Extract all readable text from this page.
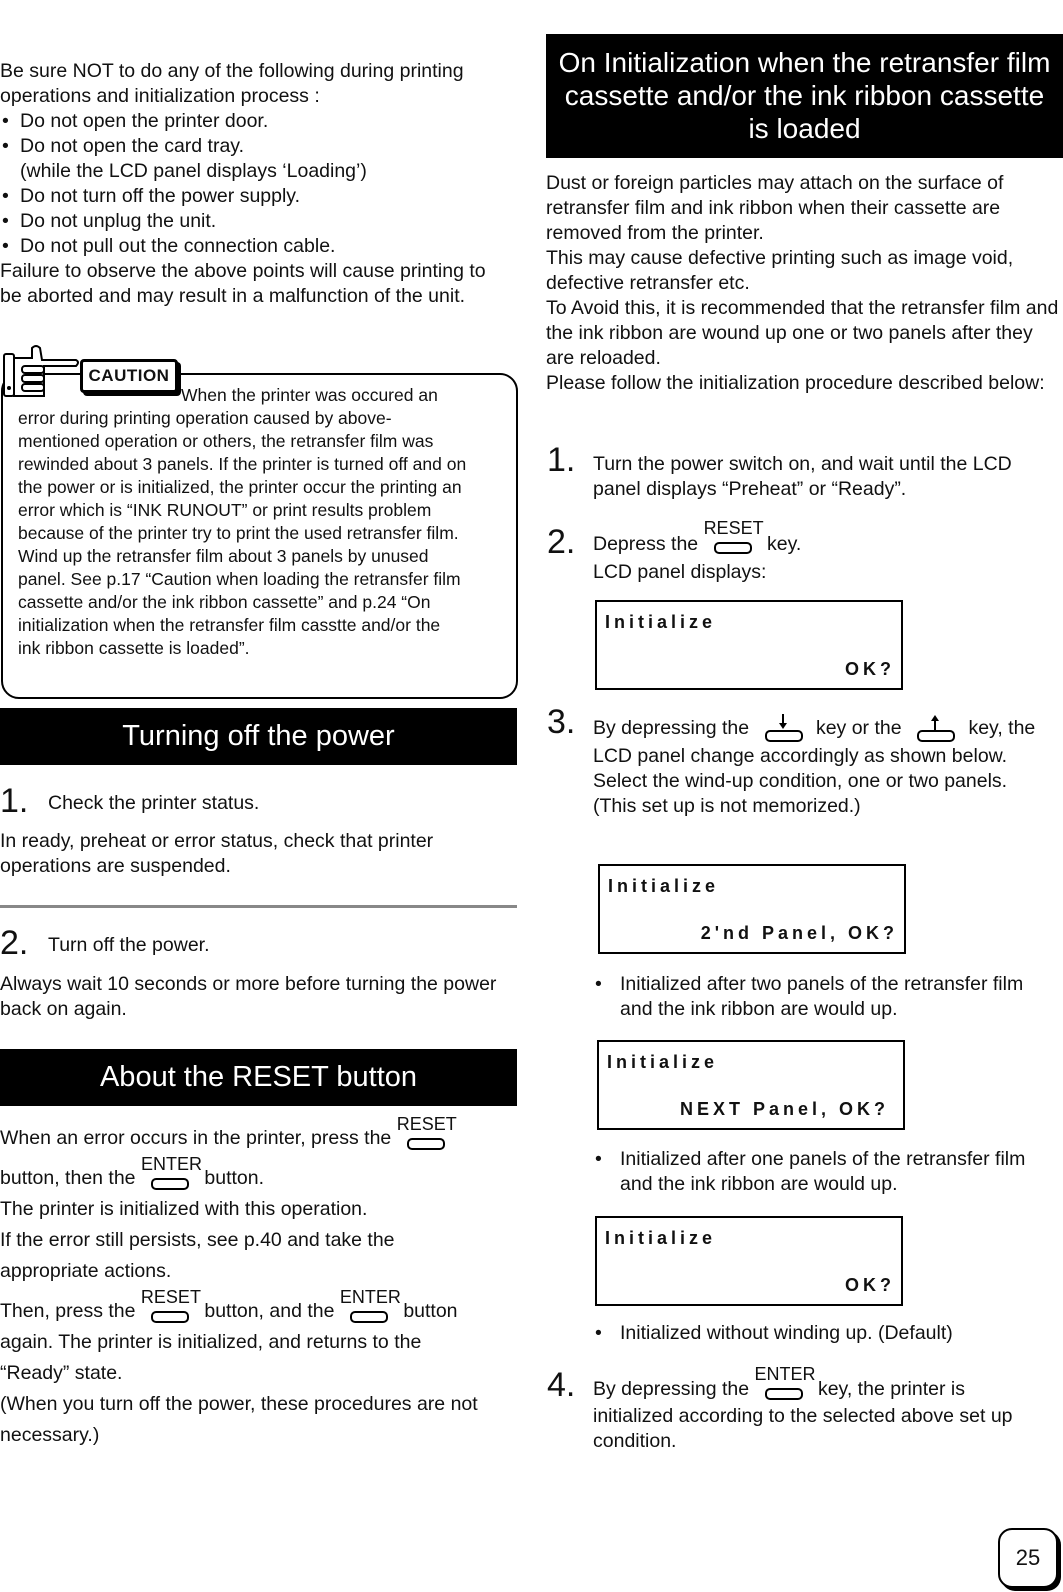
Be sure NOT to do any of the following during printing operations and initialization process :

• Do not open the printer door.
• Do not open the card tray.
(while the LCD panel displays ‘Loading’)
• Do not turn off the power supply.
• Do not unplug the unit.
• Do not pull out the connection cable.

Failure to observe the above points will cause printing to be aborted and may result in a malfunction of the unit.

CAUTION
When the printer was occured an
error during printing operation caused by above-
mentioned operation or others, the retransfer film was
rewinded about 3 panels. If the printer is turned off and on
the power or is initialized, the printer occur the printing an
error which is “INK RUNOUT” or print results problem
because of the printer try to print the used retransfer film.
Wind up the retransfer film about 3 panels by unused
panel. See p.17 “Caution when loading the retransfer film
cassette and/or the ink ribbon cassette” and p.24 “On
initialization when the retransfer film casstte and/or the
ink ribbon cassette is loaded”.
Turning off the power
1. Check the printer status.

In ready, preheat or error status, check that printer operations are suspended.

2. Turn off the power.

Always wait 10 seconds or more before turning the power back on again.

About the RESET button
When an error occurs in the printer, press the
RESET
button, then the
ENTER
button.
The printer is initialized with this operation.
If the error still persists, see p.40 and take the
appropriate actions.
Then, press the
RESET
button, and the
ENTER
button
again. The printer is initialized, and returns to the
“Ready” state.
(When you turn off the power, these procedures are not
necessary.)
On Initialization when the retransfer film
cassette and/or the ink ribbon cassette
is loaded

Dust or foreign particles may attach on the surface of retransfer film and ink ribbon when their cassette are removed from the printer.

This may cause defective printing such as image void, defective retransfer etc.

To Avoid this, it is recommended that the retransfer film and the ink ribbon are wound up one or two panels after they are reloaded.

Please follow the initialization procedure described below:

1. Turn the power switch on, and wait until the LCD panel displays “Preheat” or “Ready”.
2. Depress the
RESET
key.
LCD panel displays:
Initialize
OK?
3. By depressing the	key or the	key, the
LCD panel change accordingly as shown below.
Select the wind-up condition, one or two panels.
(This set up is not memorized.)
Initialize
2'nd Panel, OK?
• Initialized after two panels of the retransfer film and the ink ribbon are would up.
Initialize
NEXT Panel, OK?
• Initialized after one panels of the retransfer film and the ink ribbon are would up.
Initialize
OK?
• Initialized without winding up. (Default)
4. By depressing the
ENTER
key, the printer is
initialized according to the selected above set up condition.
25
